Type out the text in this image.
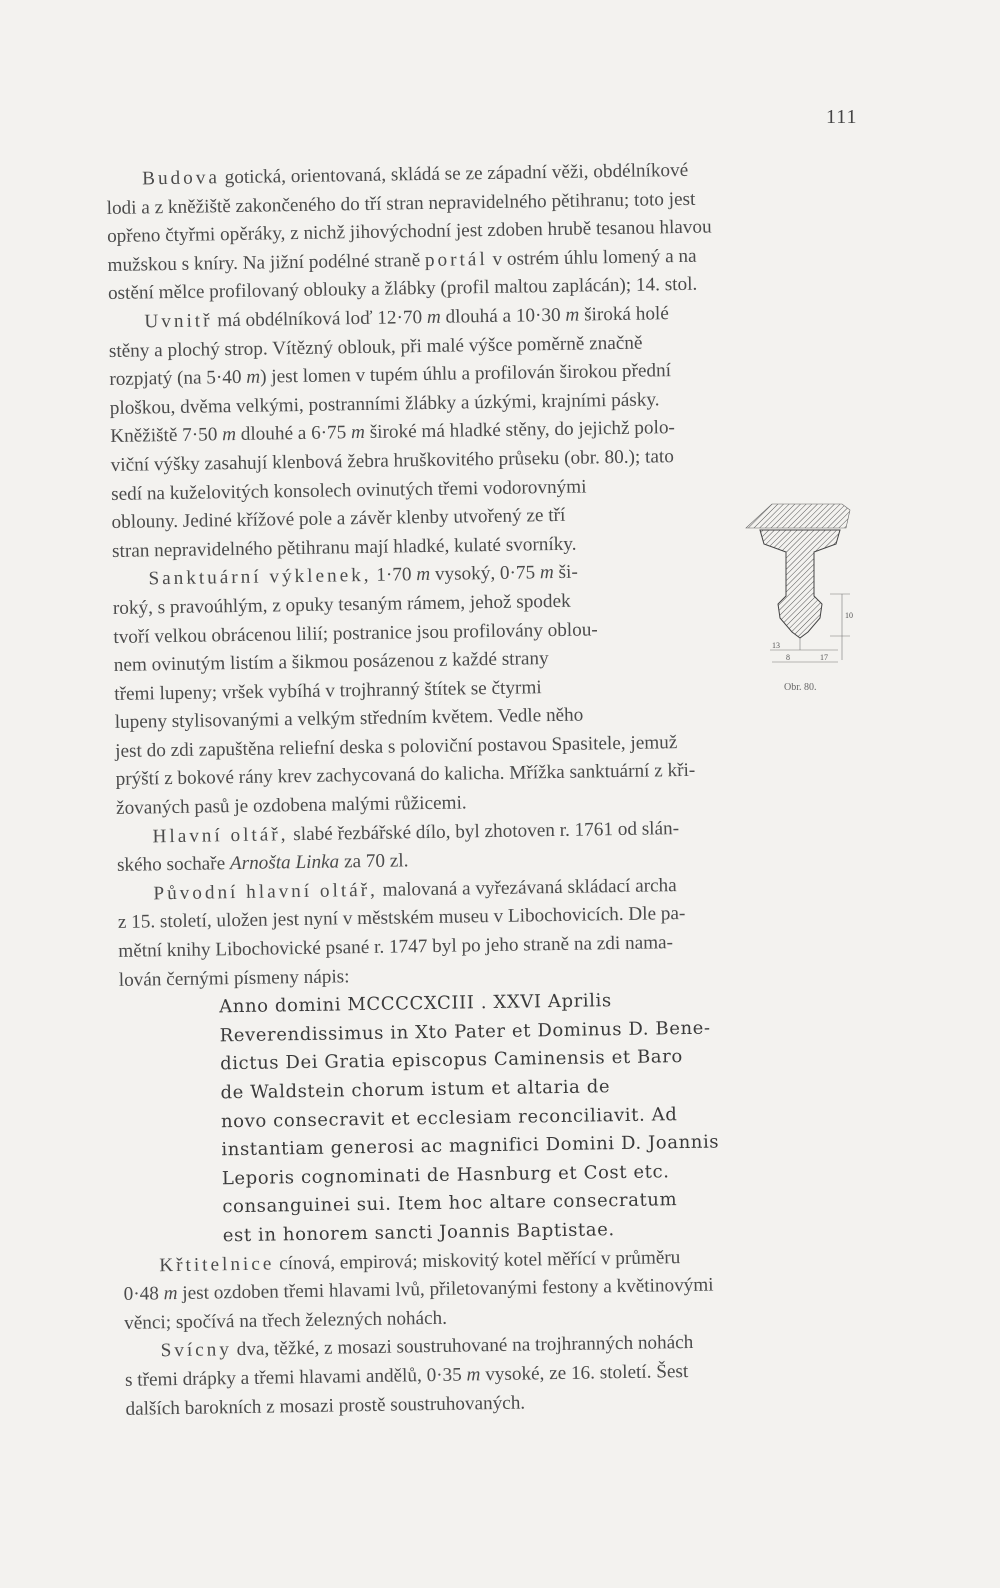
111
Budova gotická, orientovaná, skládá se ze západní věži, obdélníkové
lodi a z kněžiště zakončeného do tří stran nepravidelného pětihranu; toto jest
opřeno čtyřmi opěráky, z nichž jihovýchodní jest zdoben hrubě tesanou hlavou
mužskou s kníry. Na jižní podélné straně portál v ostrém úhlu lomený a na
ostění mělce profilovaný oblouky a žlábky (profil maltou zaplácán); 14. stol.
Uvnitř má obdélníková loď 12·70 m dlouhá a 10·30 m široká holé
stěny a plochý strop. Vítězný oblouk, při malé výšce poměrně značně
rozpjatý (na 5·40 m) jest lomen v tupém úhlu a profilován širokou přední
ploškou, dvěma velkými, postranními žlábky a úzkými, krajními pásky.
Kněžiště 7·50 m dlouhé a 6·75 m široké má hladké stěny, do jejichž polo-
viční výšky zasahují klenbová žebra hruškovitého průseku (obr. 80.); tato
sedí na kuželovitých konsolech ovinutých třemi vodorovnými
oblouny. Jediné křížové pole a závěr klenby utvořený ze tří
stran nepravidelného pětihranu mají hladké, kulaté svorníky.
Sanktuární výklenek, 1·70 m vysoký, 0·75 m ši-
roký, s pravoúhlým, z opuky tesaným rámem, jehož spodek
tvoří velkou obrácenou lilií; postranice jsou profilovány oblou-
nem ovinutým listím a šikmou posázenou z každé strany
třemi lupeny; vršek vybíhá v trojhranný štítek se čtyrmi
lupeny stylisovanými a velkým středním květem. Vedle něho
jest do zdi zapuštěna reliefní deska s poloviční postavou Spasitele, jemuž
prýští z bokové rány krev zachycovaná do kalicha. Mřížka sanktuární z kři-
žovaných pasů je ozdobena malými růžicemi.
Hlavní oltář, slabé řezbářské dílo, byl zhotoven r. 1761 od slán-
ského sochaře Arnošta Linka za 70 zl.
Původní hlavní oltář, malovaná a vyřezávaná skládací archa
z 15. století, uložen jest nyní v městském museu v Libochovicích. Dle pa-
mětní knihy Libochovické psané r. 1747 byl po jeho straně na zdi nama-
lován černými písmeny nápis:
Anno domini MCCCCXCIII . XXVI Aprilis
Reverendissimus in Xto Pater et Dominus D. Bene-
dictus Dei Gratia episcopus Caminensis et Baro
de Waldstein chorum istum et altaria de
novo consecravit et ecclesiam reconciliavit. Ad
instantiam generosi ac magnifici Domini D. Joannis
Leporis cognominati de Hasnburg et Cost etc.
consanguinei sui. Item hoc altare consecratum
est in honorem sancti Joannis Baptistae.
Křtitelnice cínová, empirová; miskovitý kotel měřící v průměru
0·48 m jest ozdoben třemi hlavami lvů, přiletovanými festony a květinovými
věnci; spočívá na třech železných nohách.
Svícny dva, těžké, z mosazi soustruhované na trojhranných nohách
s třemi drápky a třemi hlavami andělů, 0·35 m vysoké, ze 16. století. Šest
dalších barokních z mosazi prostě soustruhovaných.
10
13
8	17
Obr. 80.
